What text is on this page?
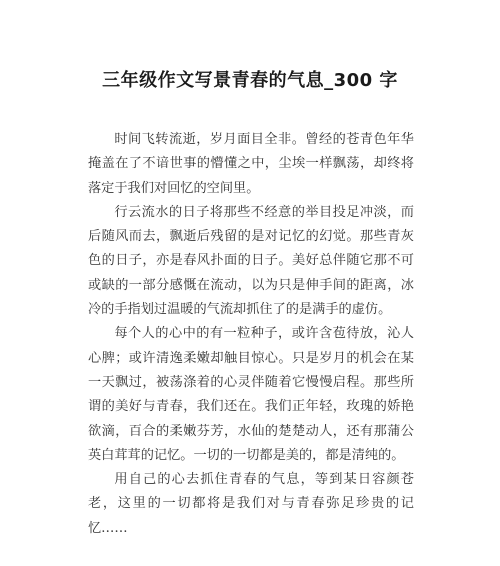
三年级作文写景青春的气息_300 字

时间飞转流逝，岁月面目全非。曾经的苍青色年华掩盖在了不谙世事的懵懂之中，尘埃一样飘荡，却终将落定于我们对回忆的空间里。

行云流水的日子将那些不经意的举目投足冲淡，而后随风而去，飘逝后残留的是对记忆的幻觉。那些青灰色的日子，亦是春风扑面的日子。美好总伴随它那不可或缺的一部分感慨在流动，以为只是伸手间的距离，冰冷的手指划过温暖的气流却抓住了的是满手的虚仿。

每个人的心中的有一粒种子，或许含苞待放，沁人心脾；或许清逸柔嫩却触目惊心。只是岁月的机会在某一天飘过，被荡涤着的心灵伴随着它慢慢启程。那些所谓的美好与青春，我们还在。我们正年轻，玫瑰的娇艳欲滴，百合的柔嫩芬芳，水仙的楚楚动人，还有那蒲公英白茸茸的记忆。一切的一切都是美的，都是清纯的。

用自己的心去抓住青春的气息，等到某日容颜苍老，这里的一切都将是我们对与青春弥足珍贵的记忆……
